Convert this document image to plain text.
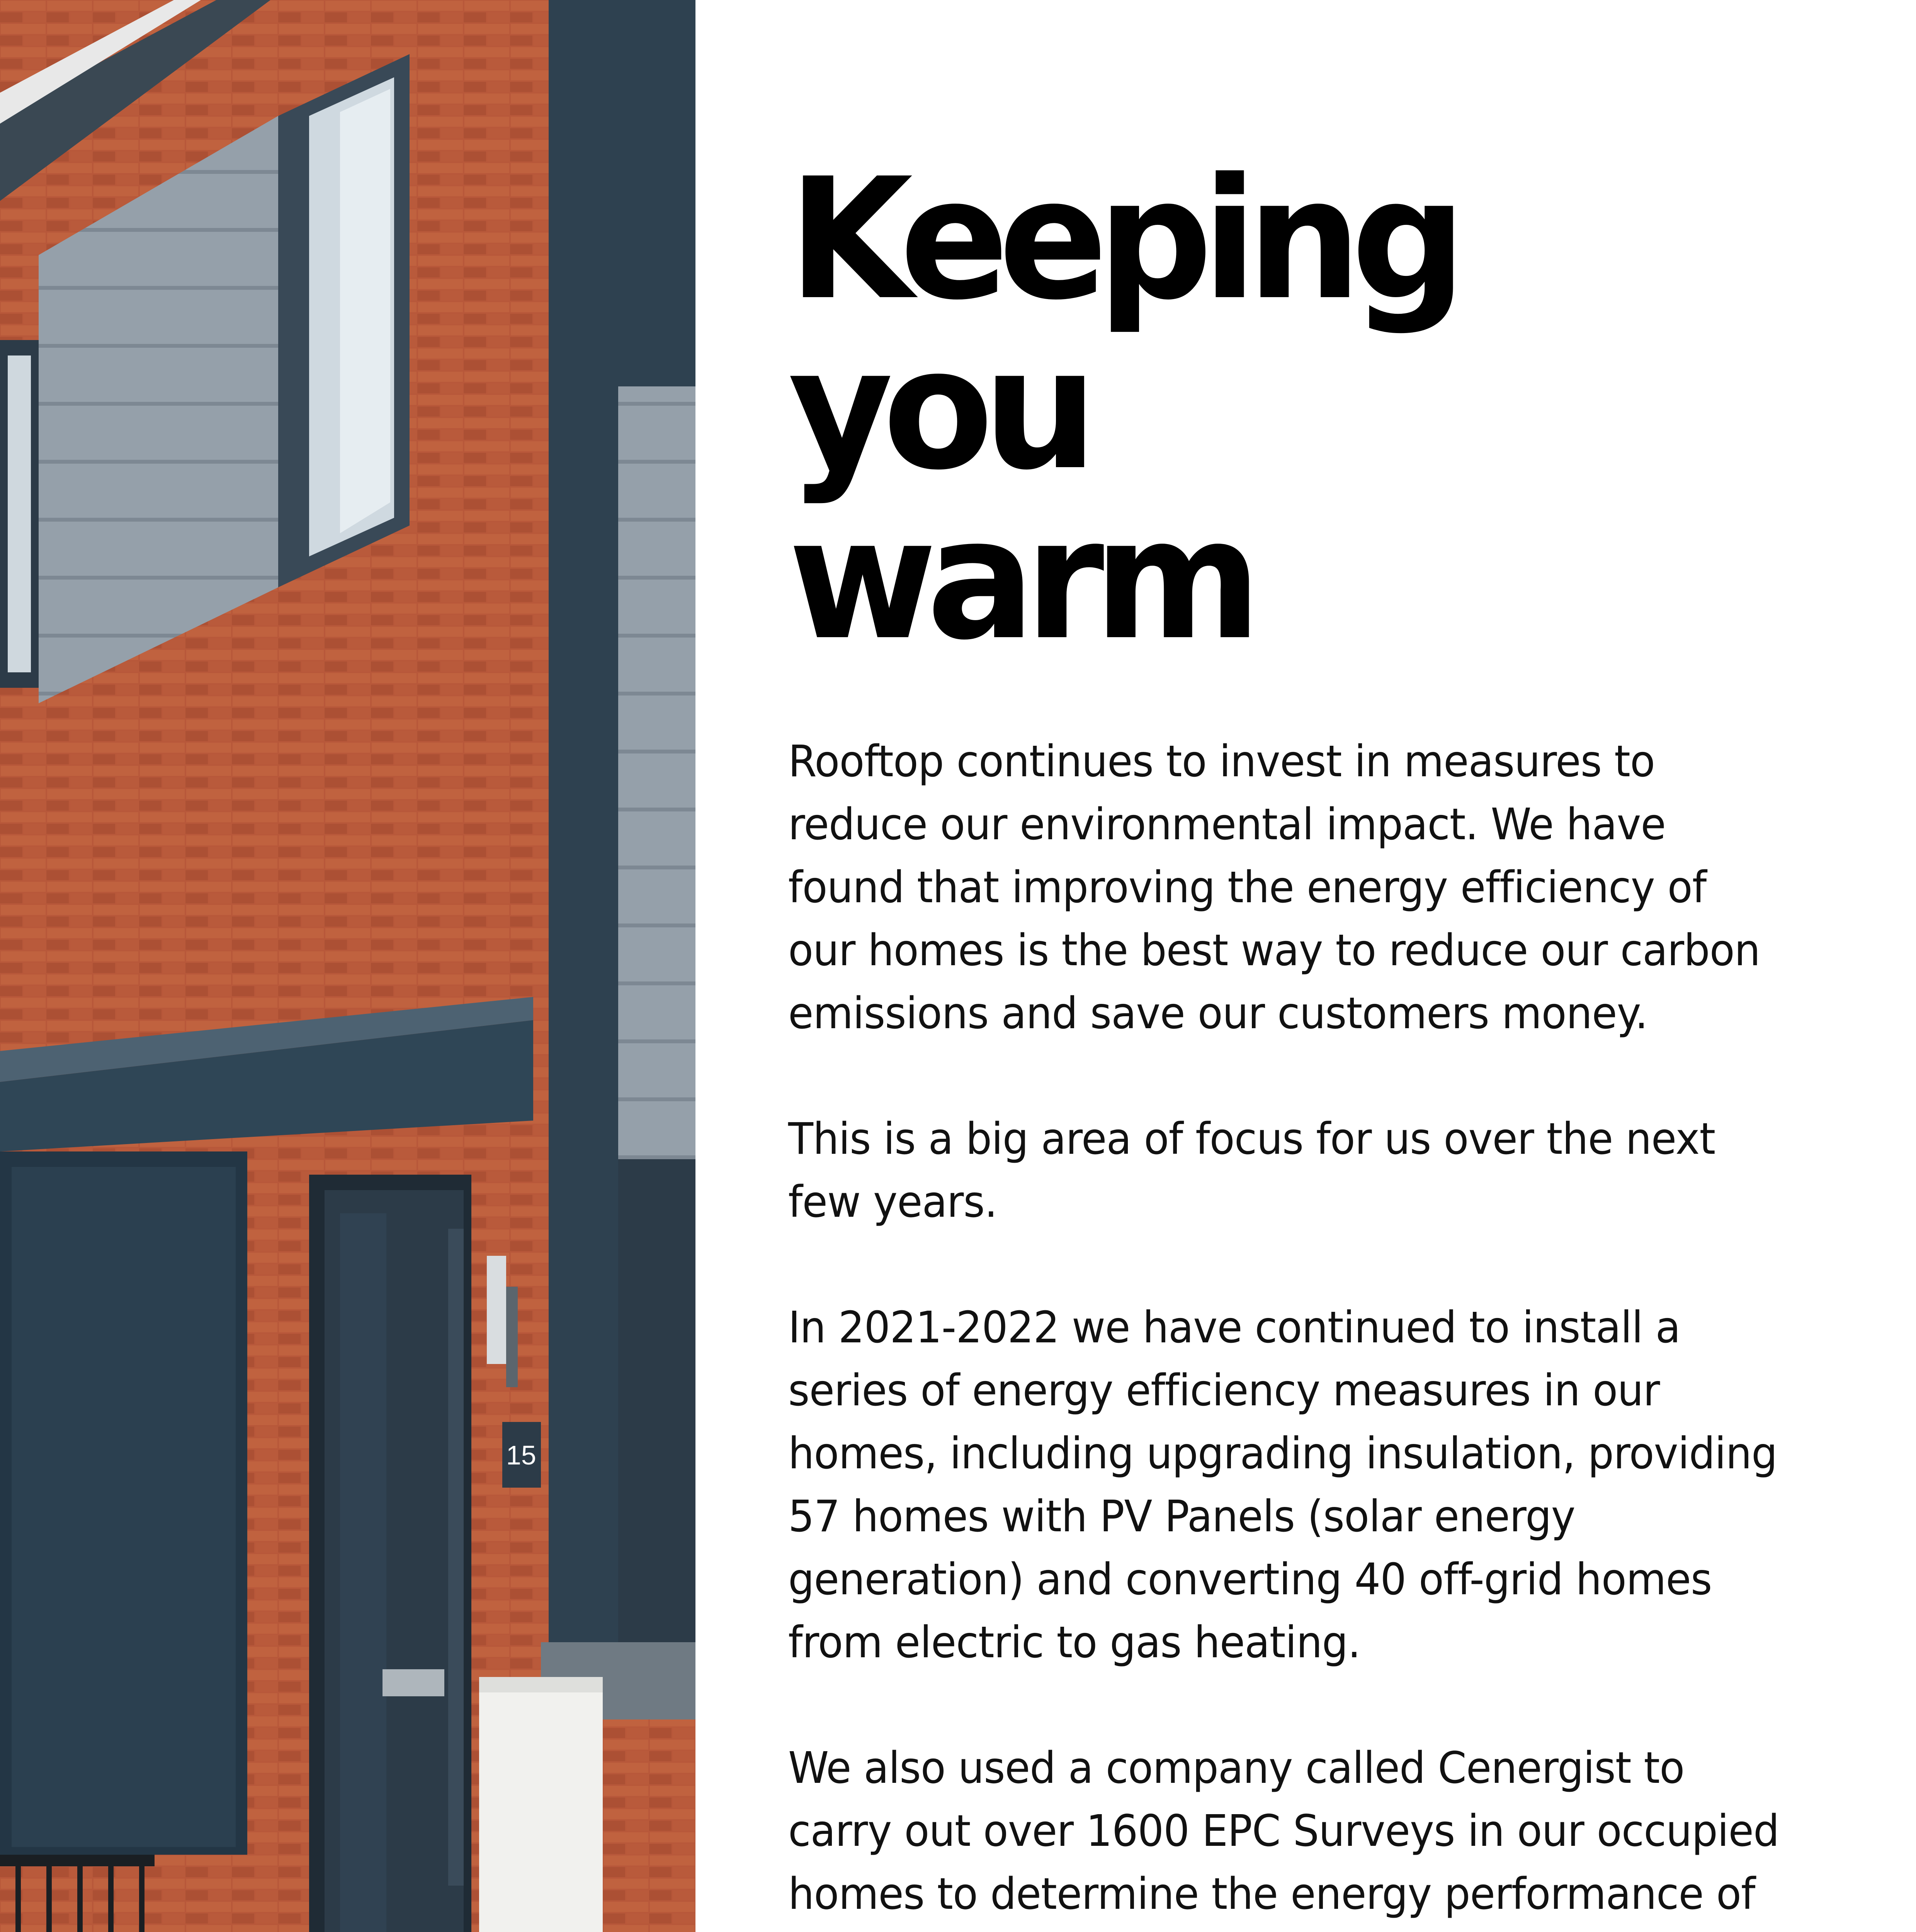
15
Keeping you
warm

Rooftop continues to invest in measures to reduce our environmental impact. We have found that improving the energy efficiency of our homes is the best way to reduce our carbon emissions and save our customers money.

This is a big area of focus for us over the next few years.

In 2021-2022 we have continued to install a series of energy efficiency measures in our homes, including upgrading insulation, providing 57 homes with PV Panels (solar energy generation) and converting 40 off-grid homes from electric to gas heating.

We also used a company called Cenergist to carry out over 1600 EPC Surveys in our occupied homes to determine the energy performance of
